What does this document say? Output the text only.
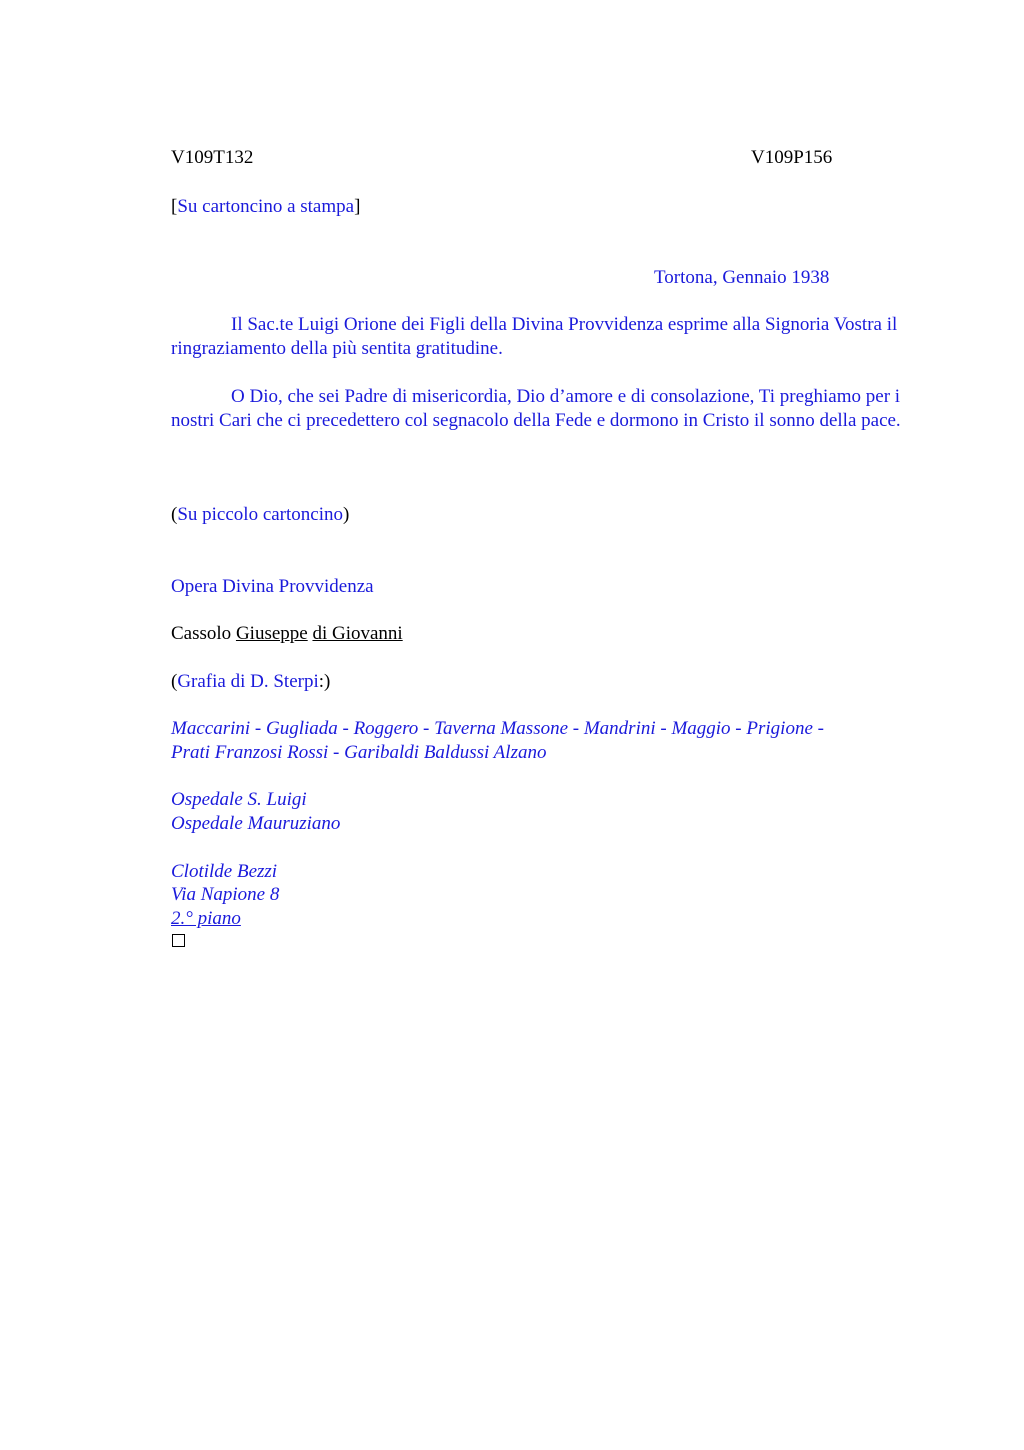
V109T132	V109P156

[Su cartoncino a stampa]

Tortona, Gennaio 1938

Il Sac.te Luigi Orione dei Figli della Divina Provvidenza esprime alla Signoria Vostra il ringraziamento della più sentita gratitudine.

O Dio, che sei Padre di misericordia, Dio d’amore e di consolazione, Ti preghiamo per i nostri Cari che ci precedettero col segnacolo della Fede e dormono in Cristo il sonno della pace.

(Su piccolo cartoncino)

Opera Divina Provvidenza

Cassolo Giuseppe di Giovanni

(Grafia di D. Sterpi:)

Maccarini - Gugliada - Roggero - Taverna Massone - Mandrini - Maggio - Prigione -

Prati Franzosi Rossi - Garibaldi Baldussi Alzano

Ospedale S. Luigi

Ospedale Mauruziano

Clotilde Bezzi

Via Napione 8

2.° piano
